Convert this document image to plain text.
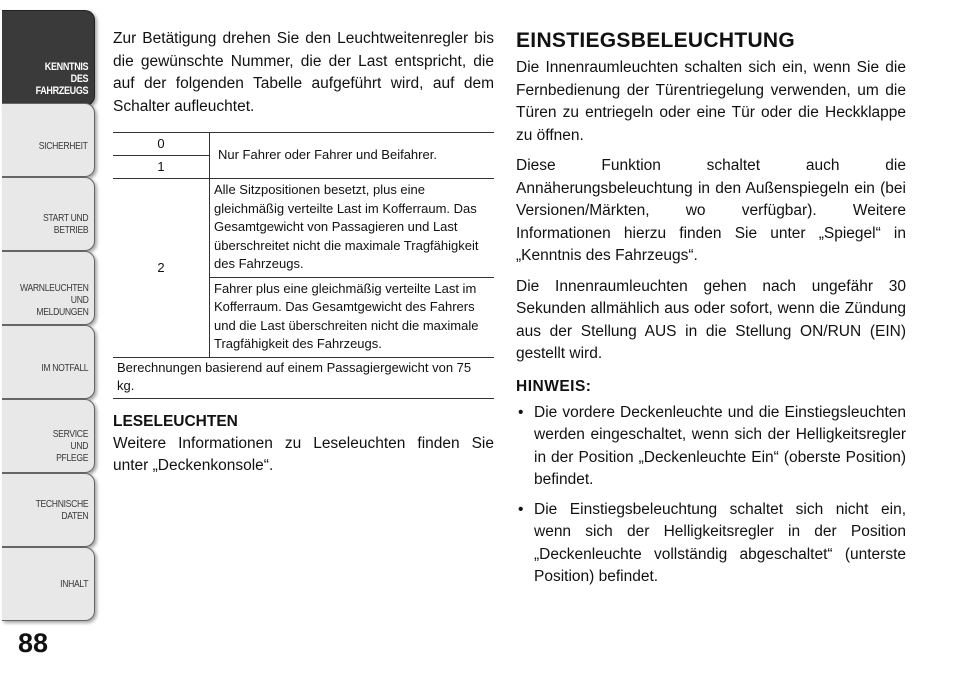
KENNTNIS
DES
FAHRZEUGS
SICHERHEIT
START UND
BETRIEB
WARNLEUCHTEN
UND
MELDUNGEN
IM NOTFALL
SERVICE
UND
PFLEGE
TECHNISCHE
DATEN
INHALT
88

Zur Betätigung drehen Sie den Leuchtweitenregler bis die gewünschte Nummer, die der Last entspricht, die auf der folgenden Tabelle aufgeführt wird, auf dem Schalter aufleuchtet.

0	Nur Fahrer oder Fahrer und Beifahrer.
1	
2	Alle Sitzpositionen besetzt, plus eine gleichmäßig verteilte Last im Kofferraum. Das Gesamtgewicht von Passagieren und Last überschreitet nicht die maximale Tragfähigkeit des Fahrzeugs.
	Fahrer plus eine gleichmäßig verteilte Last im Kofferraum. Das Gesamtgewicht des Fahrers und die Last überschreiten nicht die maximale Tragfähigkeit des Fahrzeugs.
Berechnungen basierend auf einem Passagiergewicht von 75 kg.	
LESELEUCHTEN

Weitere Informationen zu Leseleuchten finden Sie unter „Deckenkonsole“.

EINSTIEGSBELEUCHTUNG

Die Innenraumleuchten schalten sich ein, wenn Sie die Fernbedienung der Türentriegelung verwenden, um die Türen zu entriegeln oder eine Tür oder die Heckklappe zu öffnen.

Diese Funktion schaltet auch die Annäherungsbeleuchtung in den Außenspiegeln ein (bei Versionen/Märkten, wo verfügbar). Weitere Informationen hierzu finden Sie unter „Spiegel“ in „Kenntnis des Fahrzeugs“.

Die Innenraumleuchten gehen nach ungefähr 30 Sekunden allmählich aus oder sofort, wenn die Zündung aus der Stellung AUS in die Stellung ON/RUN (EIN) gestellt wird.

HINWEIS:
• Die vordere Deckenleuchte und die Einstiegsleuchten werden eingeschaltet, wenn sich der Helligkeitsregler in der Position „Deckenleuchte Ein“ (oberste Position) befindet.
• Die Einstiegsbeleuchtung schaltet sich nicht ein, wenn sich der Helligkeitsregler in der Position „Deckenleuchte vollständig abgeschaltet“ (unterste Position) befindet.
